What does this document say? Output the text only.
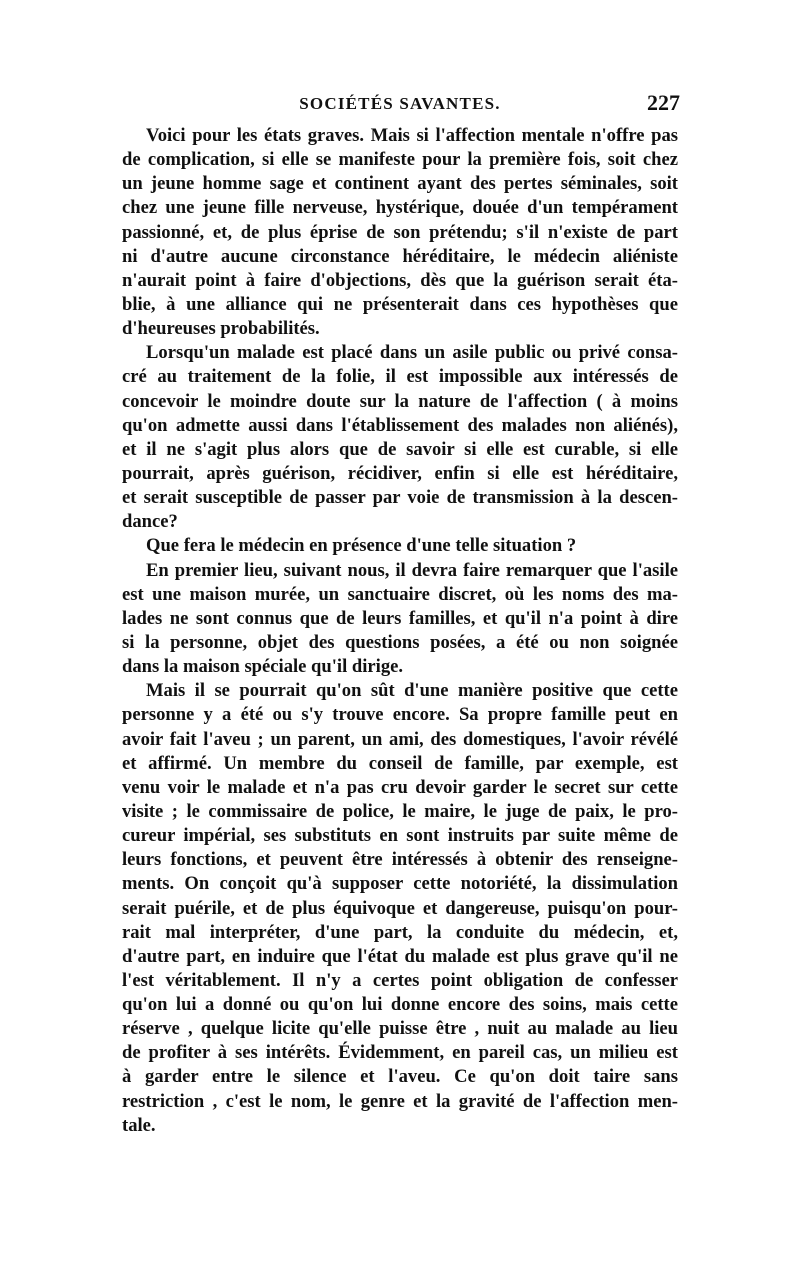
SOCIÉTÉS SAVANTES.	227
Voici pour les états graves. Mais si l'affection mentale n'offre pas
de complication, si elle se manifeste pour la première fois, soit chez
un jeune homme sage et continent ayant des pertes séminales, soit
chez une jeune fille nerveuse, hystérique, douée d'un tempérament
passionné, et, de plus éprise de son prétendu; s'il n'existe de part
ni d'autre aucune circonstance héréditaire, le médecin aliéniste
n'aurait point à faire d'objections, dès que la guérison serait éta-
blie, à une alliance qui ne présenterait dans ces hypothèses que
d'heureuses probabilités.
Lorsqu'un malade est placé dans un asile public ou privé consa-
cré au traitement de la folie, il est impossible aux intéressés de
concevoir le moindre doute sur la nature de l'affection ( à moins
qu'on admette aussi dans l'établissement des malades non aliénés),
et il ne s'agit plus alors que de savoir si elle est curable, si elle
pourrait, après guérison, récidiver, enfin si elle est héréditaire,
et serait susceptible de passer par voie de transmission à la descen-
dance?
Que fera le médecin en présence d'une telle situation ?
En premier lieu, suivant nous, il devra faire remarquer que l'asile
est une maison murée, un sanctuaire discret, où les noms des ma-
lades ne sont connus que de leurs familles, et qu'il n'a point à dire
si la personne, objet des questions posées, a été ou non soignée
dans la maison spéciale qu'il dirige.
Mais il se pourrait qu'on sût d'une manière positive que cette
personne y a été ou s'y trouve encore. Sa propre famille peut en
avoir fait l'aveu ; un parent, un ami, des domestiques, l'avoir révélé
et affirmé. Un membre du conseil de famille, par exemple, est
venu voir le malade et n'a pas cru devoir garder le secret sur cette
visite ; le commissaire de police, le maire, le juge de paix, le pro-
cureur impérial, ses substituts en sont instruits par suite même de
leurs fonctions, et peuvent être intéressés à obtenir des renseigne-
ments. On conçoit qu'à supposer cette notoriété, la dissimulation
serait puérile, et de plus équivoque et dangereuse, puisqu'on pour-
rait mal interpréter, d'une part, la conduite du médecin, et,
d'autre part, en induire que l'état du malade est plus grave qu'il ne
l'est véritablement. Il n'y a certes point obligation de confesser
qu'on lui a donné ou qu'on lui donne encore des soins, mais cette
réserve , quelque licite qu'elle puisse être , nuit au malade au lieu
de profiter à ses intérêts. Évidemment, en pareil cas, un milieu est
à garder entre le silence et l'aveu. Ce qu'on doit taire sans
restriction , c'est le nom, le genre et la gravité de l'affection men-
tale.
